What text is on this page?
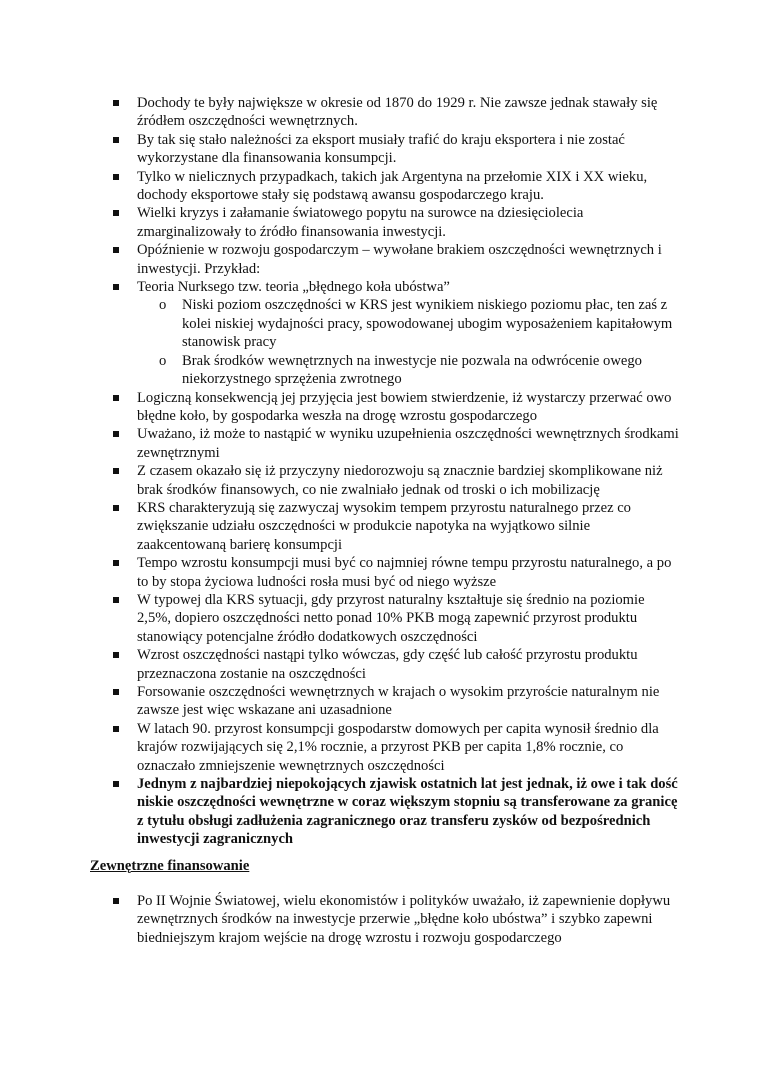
Dochody te były największe w okresie od 1870 do 1929 r. Nie zawsze jednak stawały się źródłem oszczędności wewnętrznych.
By tak się stało należności za eksport musiały trafić do kraju eksportera i nie zostać wykorzystane dla finansowania konsumpcji.
Tylko w nielicznych przypadkach, takich jak Argentyna na przełomie XIX i XX wieku, dochody eksportowe stały się podstawą awansu gospodarczego kraju.
Wielki kryzys i załamanie światowego popytu na surowce na dziesięciolecia zmarginalizowały to źródło finansowania inwestycji.
Opóźnienie w rozwoju gospodarczym – wywołane brakiem oszczędności wewnętrznych i inwestycji. Przykład:
Teoria Nurksego tzw. teoria „błędnego koła ubóstwa”
o Niski poziom oszczędności w KRS jest wynikiem niskiego poziomu płac, ten zaś z kolei niskiej wydajności pracy, spowodowanej ubogim wyposażeniem kapitałowym stanowisk pracy
o Brak środków wewnętrznych na inwestycje nie pozwala na odwrócenie owego niekorzystnego sprzężenia zwrotnego
Logiczną konsekwencją jej przyjęcia jest bowiem stwierdzenie, iż wystarczy przerwać owo błędne koło, by gospodarka weszła na drogę wzrostu gospodarczego
Uważano, iż może to nastąpić w wyniku uzupełnienia oszczędności wewnętrznych środkami zewnętrznymi
Z czasem okazało się iż przyczyny niedorozwoju są znacznie bardziej skomplikowane niż brak środków finansowych, co nie zwalniało jednak od troski o ich mobilizację
KRS charakteryzują się zazwyczaj wysokim tempem przyrostu naturalnego przez co zwiększanie udziału oszczędności w produkcie napotyka na wyjątkowo silnie zaakcentowaną barierę konsumpcji
Tempo wzrostu konsumpcji musi być co najmniej równe tempu przyrostu naturalnego, a po to by stopa życiowa ludności rosła musi być od niego wyższe
W typowej dla KRS sytuacji, gdy przyrost naturalny kształtuje się średnio na poziomie 2,5%, dopiero oszczędności netto ponad 10% PKB mogą zapewnić przyrost produktu stanowiący potencjalne źródło dodatkowych oszczędności
Wzrost oszczędności nastąpi tylko wówczas, gdy część lub całość przyrostu produktu przeznaczona zostanie na oszczędności
Forsowanie oszczędności wewnętrznych w krajach o wysokim przyroście naturalnym nie zawsze jest więc wskazane ani uzasadnione
W latach 90. przyrost konsumpcji gospodarstw domowych per capita wynosił średnio dla krajów rozwijających się 2,1% rocznie, a przyrost PKB per capita 1,8% rocznie, co oznaczało zmniejszenie wewnętrznych oszczędności
Jednym z najbardziej niepokojących zjawisk ostatnich lat jest jednak, iż owe i tak dość niskie oszczędności wewnętrzne w coraz większym stopniu są transferowane za granicę z tytułu obsługi zadłużenia zagranicznego oraz transferu zysków od bezpośrednich inwestycji zagranicznych
Zewnętrzne finansowanie
Po II Wojnie Światowej, wielu ekonomistów i polityków uważało, iż zapewnienie dopływu zewnętrznych środków na inwestycje przerwie „błędne koło ubóstwa” i szybko zapewni biedniejszym krajom wejście na drogę wzrostu i rozwoju gospodarczego
